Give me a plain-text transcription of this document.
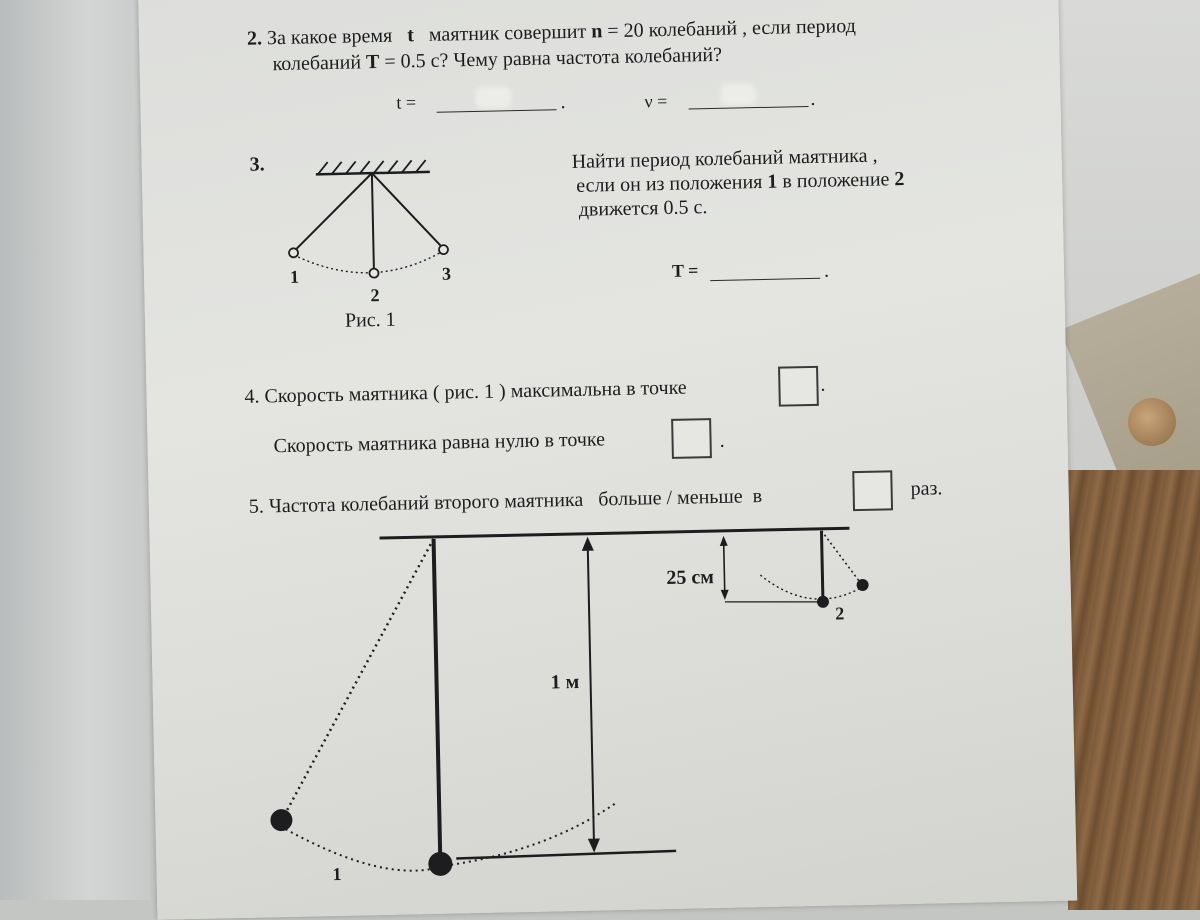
2. За какое время t маятник совершит n = 20 колебаний , если период
колебаний T = 0.5 с? Чему равна частота колебаний?
t =	.	ν =	.
3.	Найти период колебаний маятника ,
если он из положения 1 в положение 2
движется 0.5 с.
T =	.
1
2
3
Рис. 1
4. Скорость маятника ( рис. 1 ) максимальна в точке	.
Скорость маятника равна нулю в точке	.
5. Частота колебаний второго маятника   больше / меньше  в	раз.
1 м
25 см
1
2
